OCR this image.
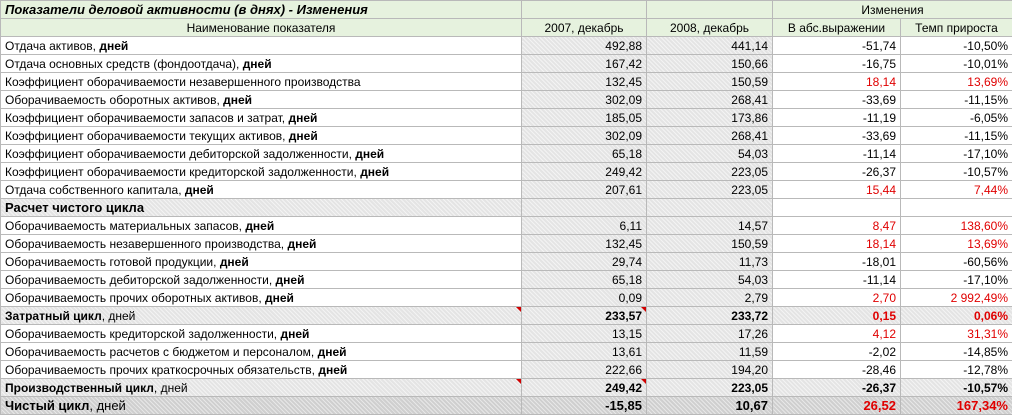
Показатели деловой активности (в днях) - Изменения			Изменения	
Наименование показателя	2007, декабрь	2008, декабрь	В абс.выражении	Темп прироста
Отдача активов, дней	492,88	441,14	-51,74	-10,50%
Отдача основных средств (фондоотдача), дней	167,42	150,66	-16,75	-10,01%
Коэффициент оборачиваемости незавершенного производства	132,45	150,59	18,14	13,69%
Оборачиваемость оборотных активов, дней	302,09	268,41	-33,69	-11,15%
Коэффициент оборачиваемости запасов и затрат, дней	185,05	173,86	-11,19	-6,05%
Коэффициент оборачиваемости текущих активов, дней	302,09	268,41	-33,69	-11,15%
Коэффициент оборачиваемости дебиторской задолженности, дней	65,18	54,03	-11,14	-17,10%
Коэффициент оборачиваемости кредиторской задолженности, дней	249,42	223,05	-26,37	-10,57%
Отдача собственного капитала, дней	207,61	223,05	15,44	7,44%
Расчет чистого цикла				
Оборачиваемость материальных запасов, дней	6,11	14,57	8,47	138,60%
Оборачиваемость незавершенного производства, дней	132,45	150,59	18,14	13,69%
Оборачиваемость готовой продукции, дней	29,74	11,73	-18,01	-60,56%
Оборачиваемость дебиторской задолженности, дней	65,18	54,03	-11,14	-17,10%
Оборачиваемость прочих оборотных активов, дней	0,09	2,79	2,70	2 992,49%
Затратный цикл, дней	233,57	233,72	0,15	0,06%
Оборачиваемость кредиторской задолженности, дней	13,15	17,26	4,12	31,31%
Оборачиваемость расчетов с бюджетом и персоналом, дней	13,61	11,59	-2,02	-14,85%
Оборачиваемость прочих краткосрочных обязательств, дней	222,66	194,20	-28,46	-12,78%
Производственный цикл, дней	249,42	223,05	-26,37	-10,57%
Чистый цикл, дней	-15,85	10,67	26,52	167,34%
